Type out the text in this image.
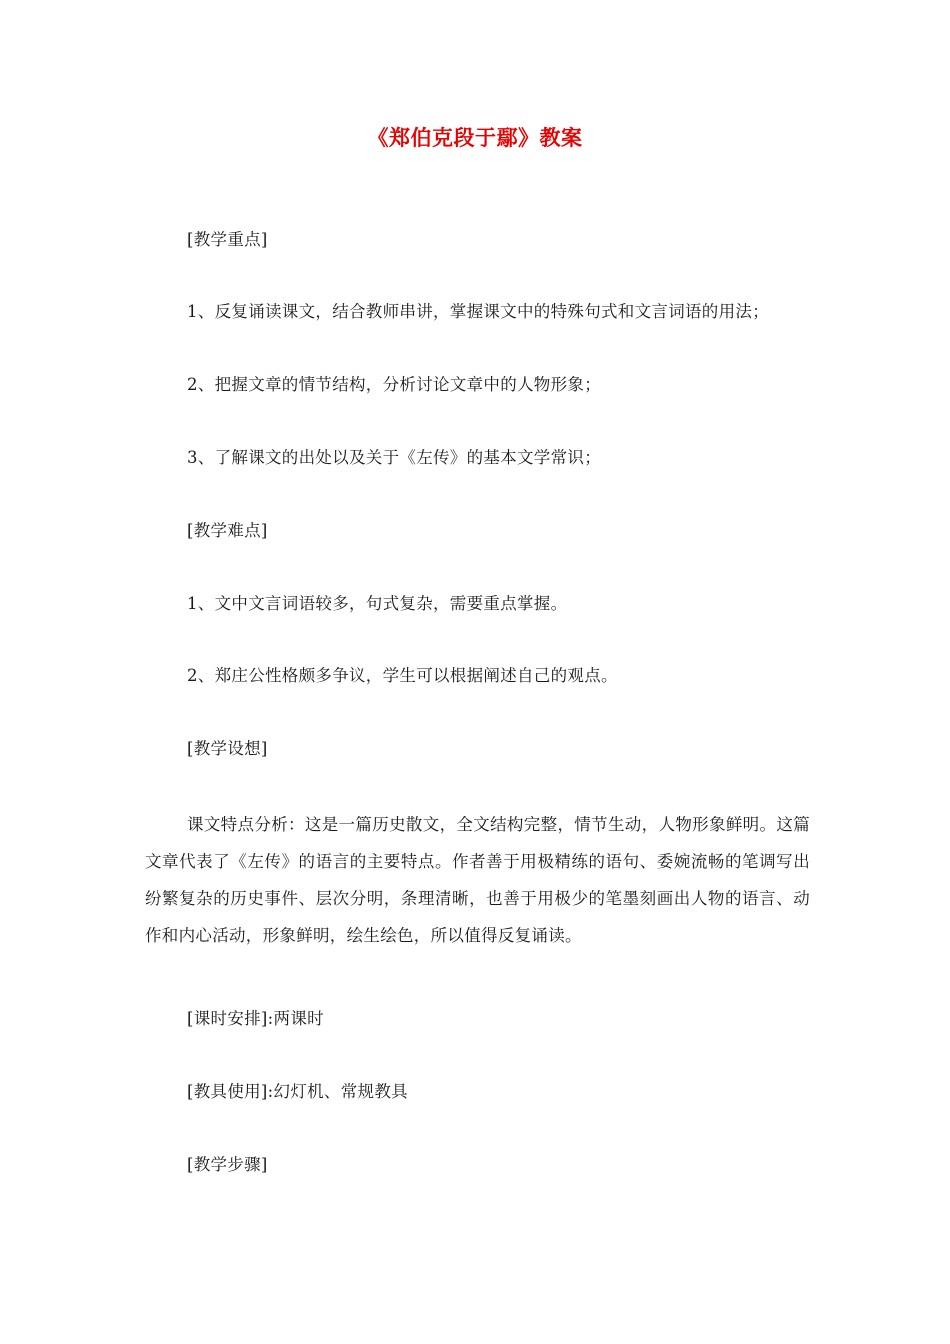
《郑伯克段于鄢》教案
[教学重点]
1、反复诵读课文，结合教师串讲，掌握课文中的特殊句式和文言词语的用法；
2、把握文章的情节结构，分析讨论文章中的人物形象；
3、了解课文的出处以及关于《左传》的基本文学常识；
[教学难点]
1、文中文言词语较多，句式复杂，需要重点掌握。
2、郑庄公性格颇多争议，学生可以根据阐述自己的观点。
[教学设想]
课文特点分析：这是一篇历史散文，全文结构完整，情节生动，人物形象鲜明。这篇文章代表了《左传》的语言的主要特点。作者善于用极精练的语句、委婉流畅的笔调写出纷繁复杂的历史事件、层次分明，条理清晰，也善于用极少的笔墨刻画出人物的语言、动作和内心活动，形象鲜明，绘生绘色，所以值得反复诵读。
[课时安排]:两课时
[教具使用]:幻灯机、常规教具
[教学步骤]
